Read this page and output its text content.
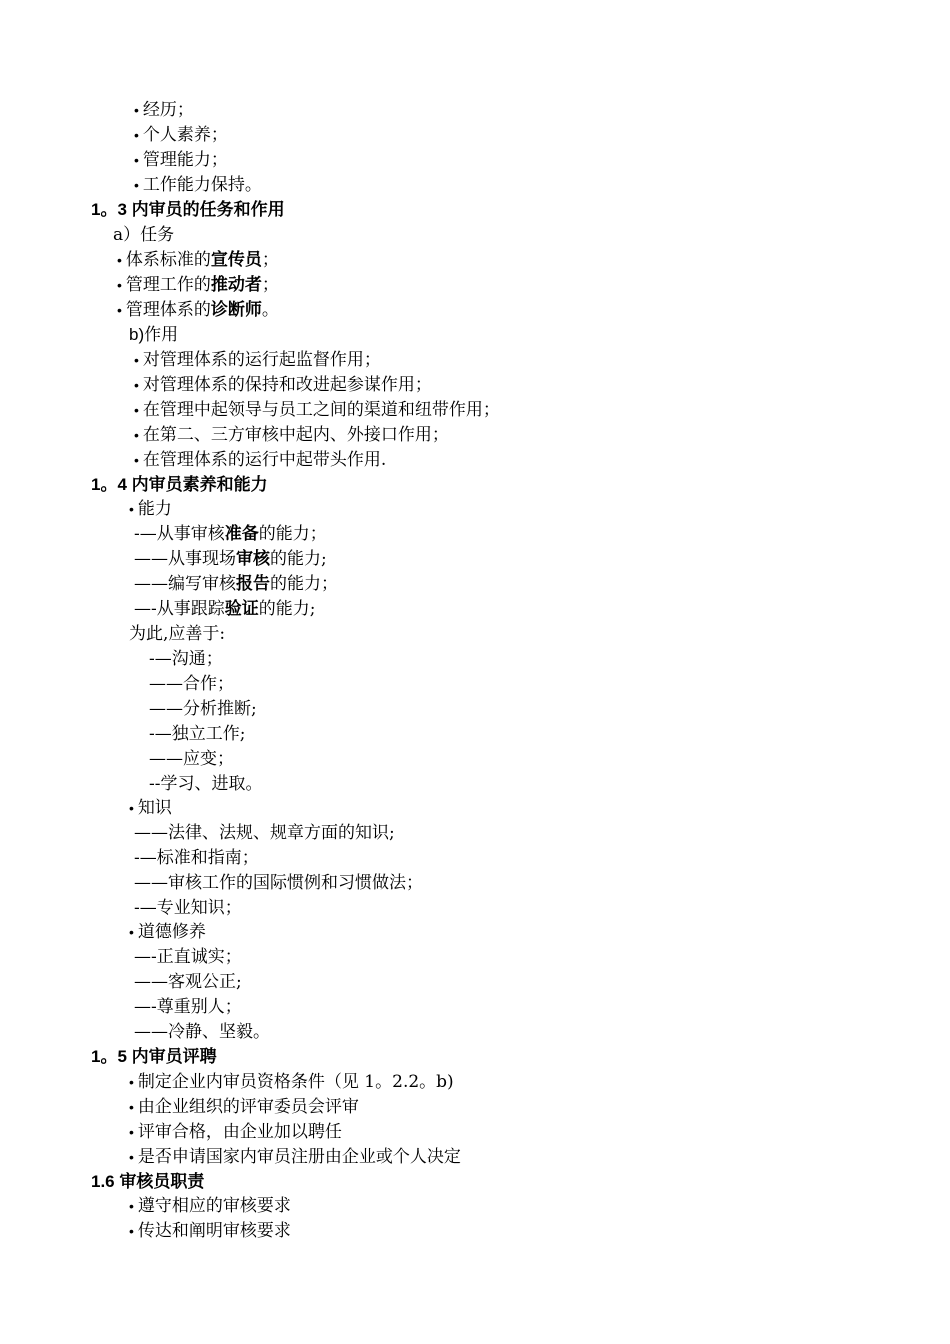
• 经历；
• 个人素养；
• 管理能力；
• 工作能力保持。
1。3 内审员的任务和作用
a）任务
• 体系标准的宣传员；
• 管理工作的推动者；
• 管理体系的诊断师。
b)作用
• 对管理体系的运行起监督作用；
• 对管理体系的保持和改进起参谋作用；
• 在管理中起领导与员工之间的渠道和纽带作用；
• 在第二、三方审核中起内、外接口作用；
• 在管理体系的运行中起带头作用.
1。4 内审员素养和能力
• 能力
-—从事审核准备的能力；
——从事现场审核的能力;
——编写审核报告的能力；
—-从事跟踪验证的能力;
为此,应善于:
-—沟通；
——合作；
——分析推断;
-—独立工作;
——应变；
--学习、进取。
• 知识
——法律、法规、规章方面的知识;
-—标准和指南；
——审核工作的国际惯例和习惯做法；
-—专业知识；
• 道德修养
—-正直诚实；
——客观公正;
—-尊重别人；
——冷静、坚毅。
1。5 内审员评聘
• 制定企业内审员资格条件（见 1。2.2。b)
• 由企业组织的评审委员会评审
• 评审合格，由企业加以聘任
• 是否申请国家内审员注册由企业或个人决定
1.6 审核员职责
• 遵守相应的审核要求
• 传达和阐明审核要求
